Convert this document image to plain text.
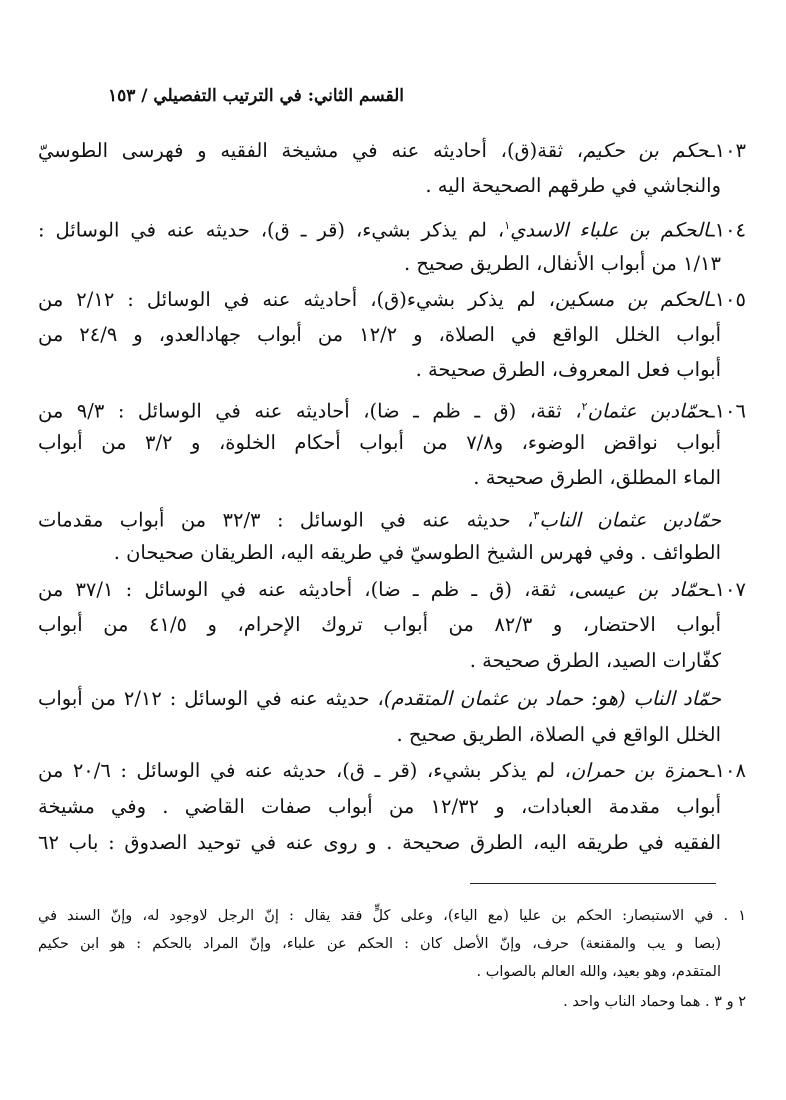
القسم الثاني: في الترتيب التفصيلي / ١٥٣
١٠٣ـحكم بن حكيم، ثقة(ق)، أحاديثه عنه في مشيخة الفقيه و فهرسى الطوسيّ
والنجاشي في طرقهم الصحيحة اليه .
١٠٤ـالحكم بن علباء الاسدي$^١$، لم يذكر بشيء، (قر ـ ق)، حديثه عنه في الوسائل :
١/١٣ من أبواب الأنفال، الطريق صحيح .
١٠٥ـالحكم بن مسكين، لم يذكر بشيء(ق)، أحاديثه عنه في الوسائل : ٢/١٢ من
أبواب الخلل الواقع في الصلاة، و ١٢/٢ من أبواب جهادالعدو، و ٢٤/٩ من
أبواب فعل المعروف، الطرق صحيحة .
١٠٦ـحمّادبن عثمان$^٢$، ثقة، (ق ـ ظم ـ ضا)، أحاديثه عنه في الوسائل : ٩/٣ من
أبواب نواقض الوضوء، و٧/٨ من أبواب أحكام الخلوة، و ٣/٢ من أبواب
الماء المطلق، الطرق صحيحة .
حمّادبن عثمان الناب$^٣$، حديثه عنه في الوسائل : ٣٢/٣ من أبواب مقدمات
الطوائف . وفي فهرس الشيخ الطوسيّ في طريقه اليه، الطريقان صحيحان .
١٠٧ـحمّاد بن عيسى، ثقة، (ق ـ ظم ـ ضا)، أحاديثه عنه في الوسائل : ٣٧/١ من
أبواب الاحتضار، و ٨٢/٣ من أبواب تروك الإحرام، و ٤١/٥ من أبواب
كفّارات الصيد، الطرق صحيحة .
حمّاد الناب (هو: حماد بن عثمان المتقدم)، حديثه عنه في الوسائل : ٢/١٢ من أبواب
الخلل الواقع في الصلاة، الطريق صحيح .
١٠٨ـحمزة بن حمران، لم يذكر بشيء، (قر ـ ق)، حديثه عنه في الوسائل : ٢٠/٦ من
أبواب مقدمة العبادات، و ١٢/٣٢ من أبواب صفات القاضي . وفي مشيخة
الفقيه في طريقه اليه، الطرق صحيحة . و روى عنه في توحيد الصدوق : باب ٦٢
١ . في الاستبصار: الحكم بن عليا (مع الياء)، وعلى كلٍّ فقد يقال : إنّ الرجل لاوجود له، وإنّ السند في
(بصا و يب والمقنعة) حرف، وإنّ الأصل كان : الحكم عن علباء، وإنّ المراد بالحكم : هو ابن حكيم
المتقدم، وهو بعيد، والله العالم بالصواب .
٢ و ٣ . هما وحماد الناب واحد .
